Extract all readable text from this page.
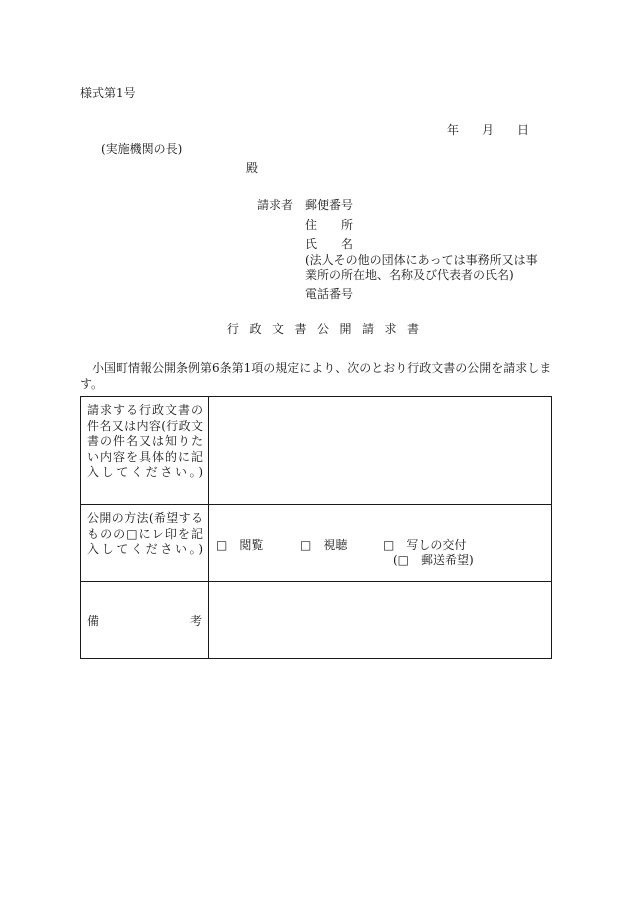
様式第1号
年 月 日
(実施機関の長)
殿
請求者 郵便番号
住　　所
氏　　名
(法人その他の団体にあっては事務所又は事
業所の所在地、名称及び代表者の氏名)
電話番号
行政文書公開請求書
小国町情報公開条例第6条第1項の規定により、次のとおり行政文書の公開を請求しま
す。
請求する行政文書の件名又は内容(行政文書の件名又は知りたい内容を具体的に記入してください。)	

公開の方法(希望するものの□にレ印を記入してください。)	□　閲覧 □　視聴 □　写しの交付
(□　郵送希望)

備 考	
